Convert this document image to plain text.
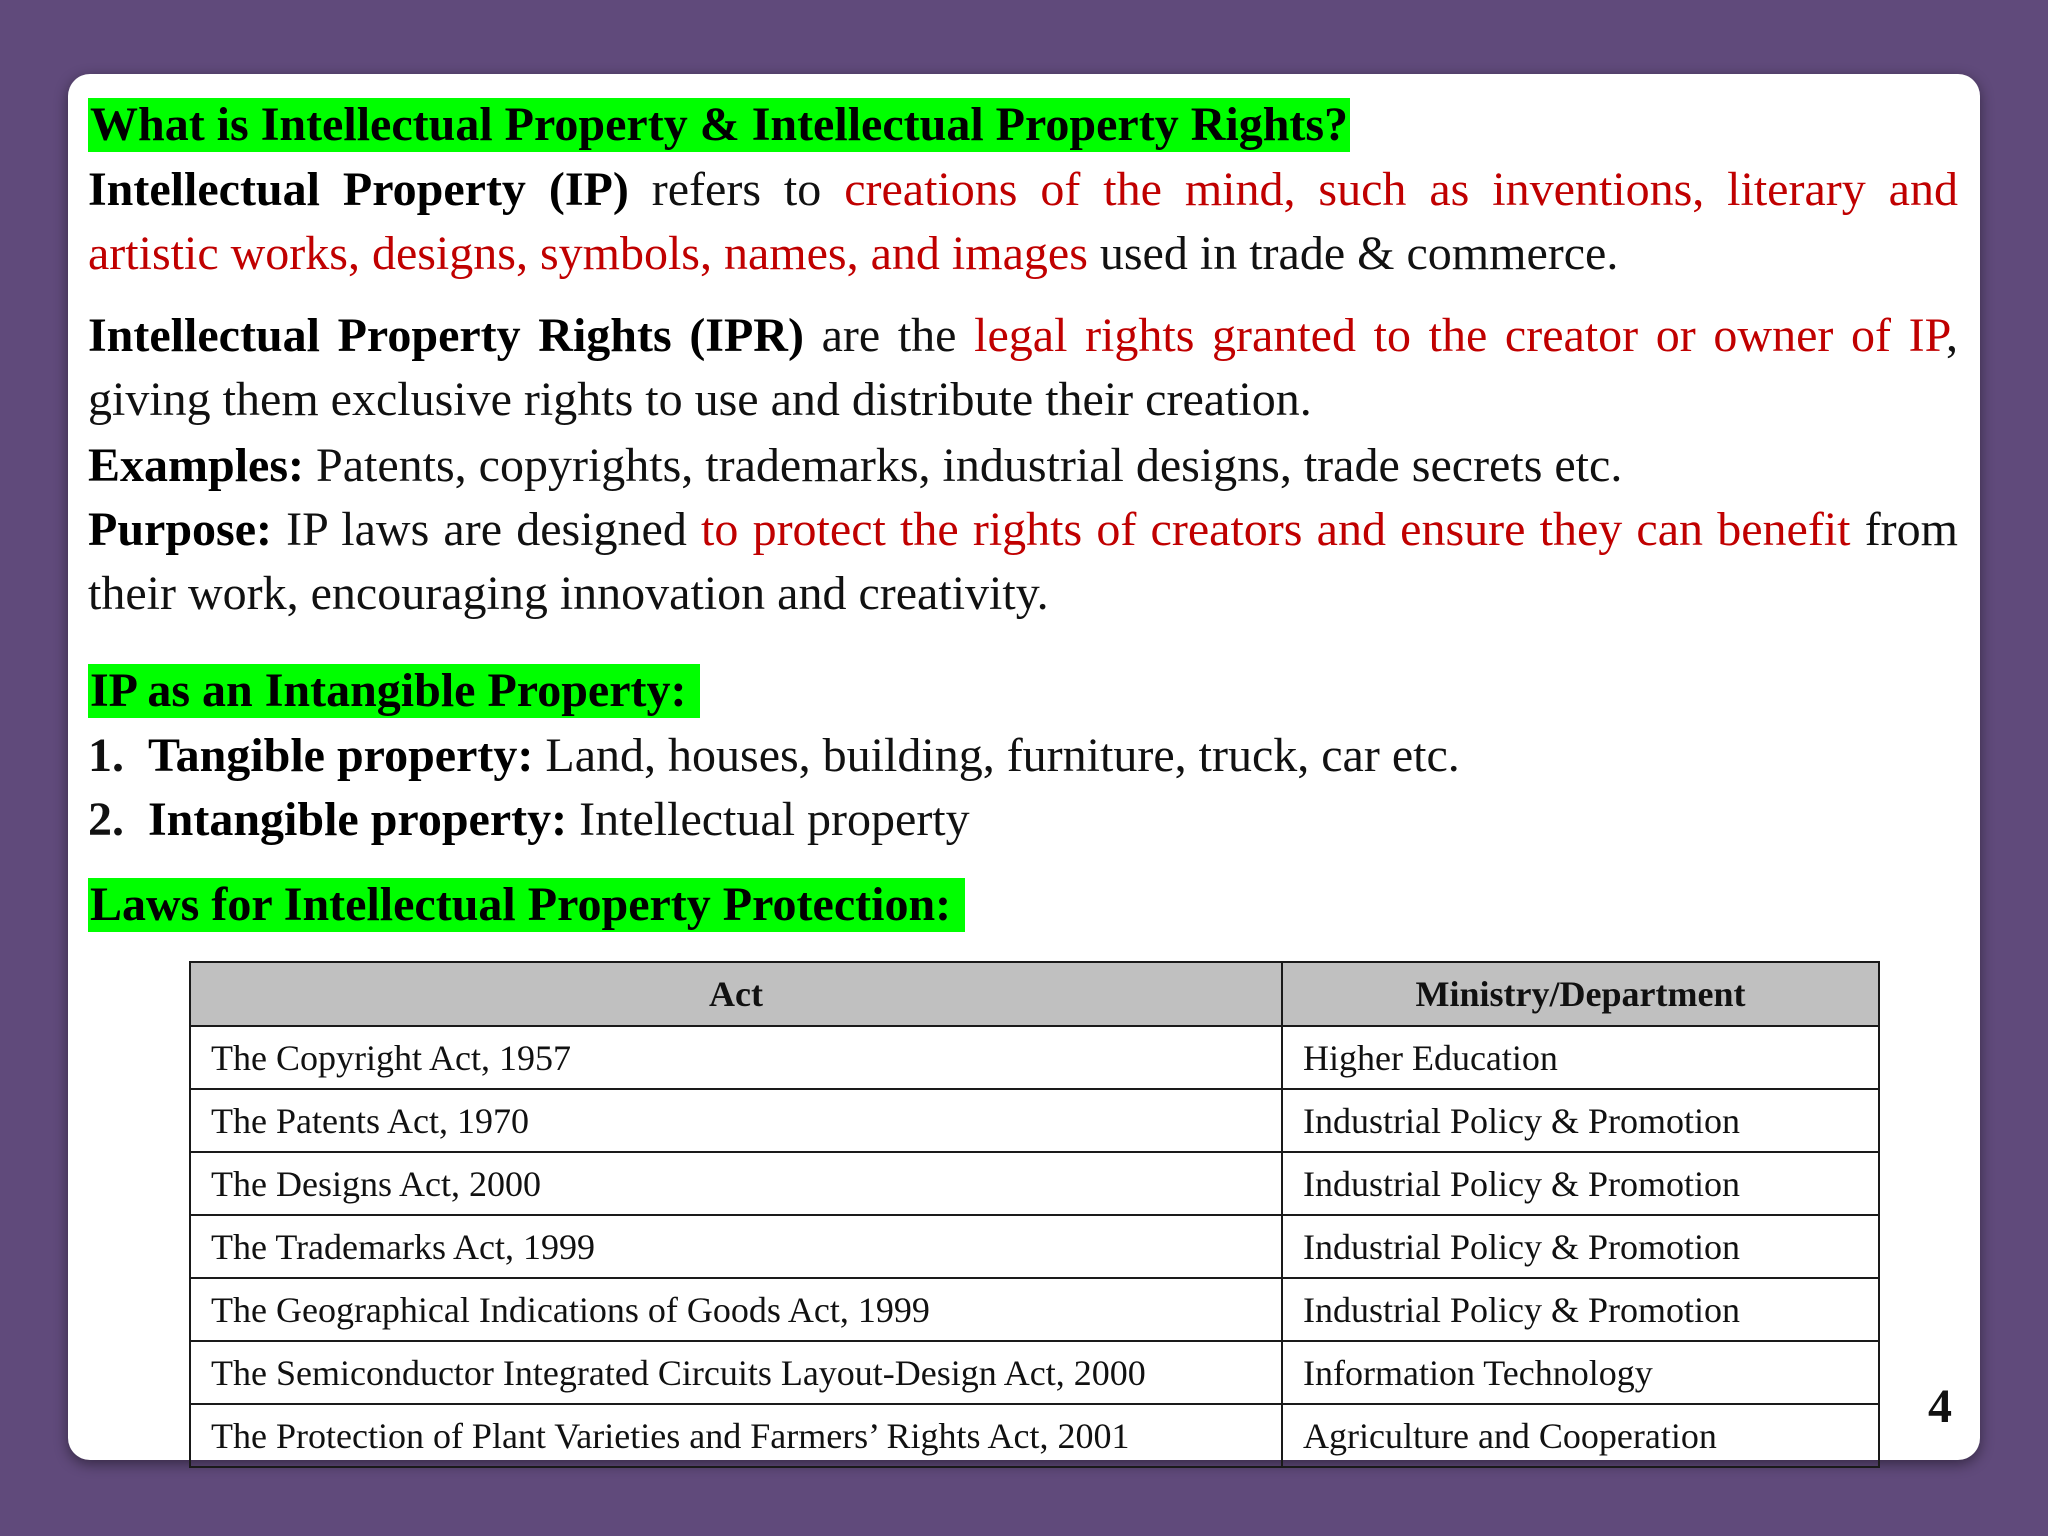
What is Intellectual Property & Intellectual Property Rights?

Intellectual Property (IP) refers to creations of the mind, such as inventions, literary and artistic works, designs, symbols, names, and images used in trade & commerce.

Intellectual Property Rights (IPR) are the legal rights granted to the creator or owner of IP, giving them exclusive rights to use and distribute their creation.

Examples: Patents, copyrights, trademarks, industrial designs, trade secrets etc.

Purpose: IP laws are designed to protect the rights of creators and ensure they can benefit from their work, encouraging innovation and creativity.

IP as an Intangible Property:
1. Tangible property: Land, houses, building, furniture, truck, car etc.
2. Intangible property: Intellectual property
Laws for Intellectual Property Protection:
Act	Ministry/Department
The Copyright Act, 1957	Higher Education
The Patents Act, 1970	Industrial Policy & Promotion
The Designs Act, 2000	Industrial Policy & Promotion
The Trademarks Act, 1999	Industrial Policy & Promotion
The Geographical Indications of Goods Act, 1999	Industrial Policy & Promotion
The Semiconductor Integrated Circuits Layout-Design Act, 2000	Information Technology
The Protection of Plant Varieties and Farmers’ Rights Act, 2001	Agriculture and Cooperation
4
